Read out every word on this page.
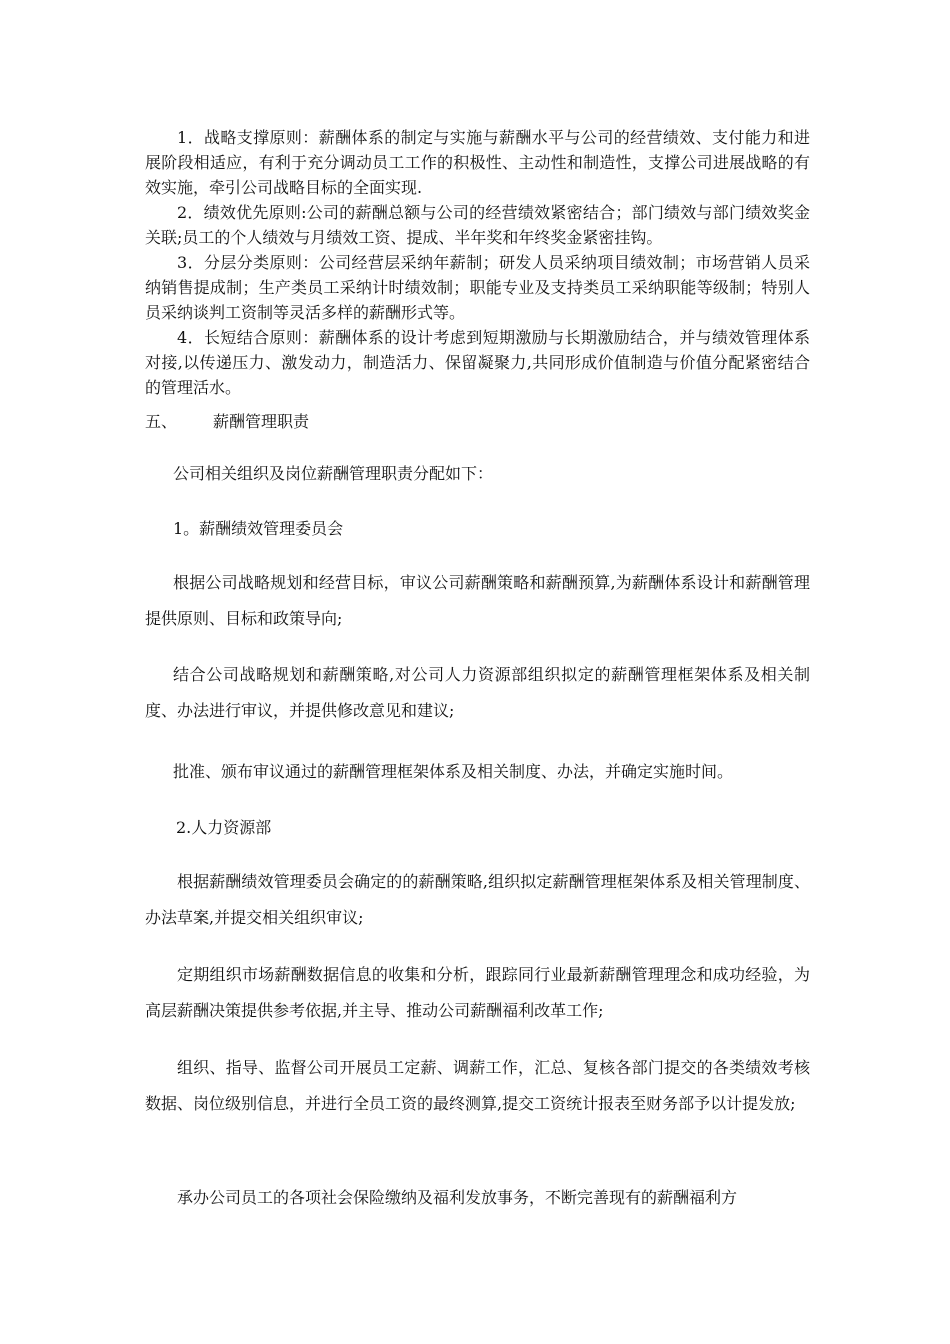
1．战略支撑原则：薪酬体系的制定与实施与薪酬水平与公司的经营绩效、支付能力和进展阶段相适应，有利于充分调动员工工作的积极性、主动性和制造性，支撑公司进展战略的有效实施，牵引公司战略目标的全面实现.

2．绩效优先原则:公司的薪酬总额与公司的经营绩效紧密结合；部门绩效与部门绩效奖金关联;员工的个人绩效与月绩效工资、提成、半年奖和年终奖金紧密挂钩。

3．分层分类原则：公司经营层采纳年薪制；研发人员采纳项目绩效制；市场营销人员采纳销售提成制；生产类员工采纳计时绩效制；职能专业及支持类员工采纳职能等级制；特别人员采纳谈判工资制等灵活多样的薪酬形式等。

4．长短结合原则：薪酬体系的设计考虑到短期激励与长期激励结合，并与绩效管理体系对接,以传递压力、激发动力，制造活力、保留凝聚力,共同形成价值制造与价值分配紧密结合的管理活水。

五、 薪酬管理职责
公司相关组织及岗位薪酬管理职责分配如下：
1。薪酬绩效管理委员会

根据公司战略规划和经营目标，审议公司薪酬策略和薪酬预算,为薪酬体系设计和薪酬管理提供原则、目标和政策导向;

结合公司战略规划和薪酬策略,对公司人力资源部组织拟定的薪酬管理框架体系及相关制度、办法进行审议，并提供修改意见和建议;

批准、颁布审议通过的薪酬管理框架体系及相关制度、办法，并确定实施时间。
2.人力资源部

根据薪酬绩效管理委员会确定的的薪酬策略,组织拟定薪酬管理框架体系及相关管理制度、办法草案,并提交相关组织审议;

定期组织市场薪酬数据信息的收集和分析，跟踪同行业最新薪酬管理理念和成功经验，为高层薪酬决策提供参考依据,并主导、推动公司薪酬福利改革工作;

组织、指导、监督公司开展员工定薪、调薪工作，汇总、复核各部门提交的各类绩效考核数据、岗位级别信息，并进行全员工资的最终测算,提交工资统计报表至财务部予以计提发放;

承办公司员工的各项社会保险缴纳及福利发放事务，不断完善现有的薪酬福利方
